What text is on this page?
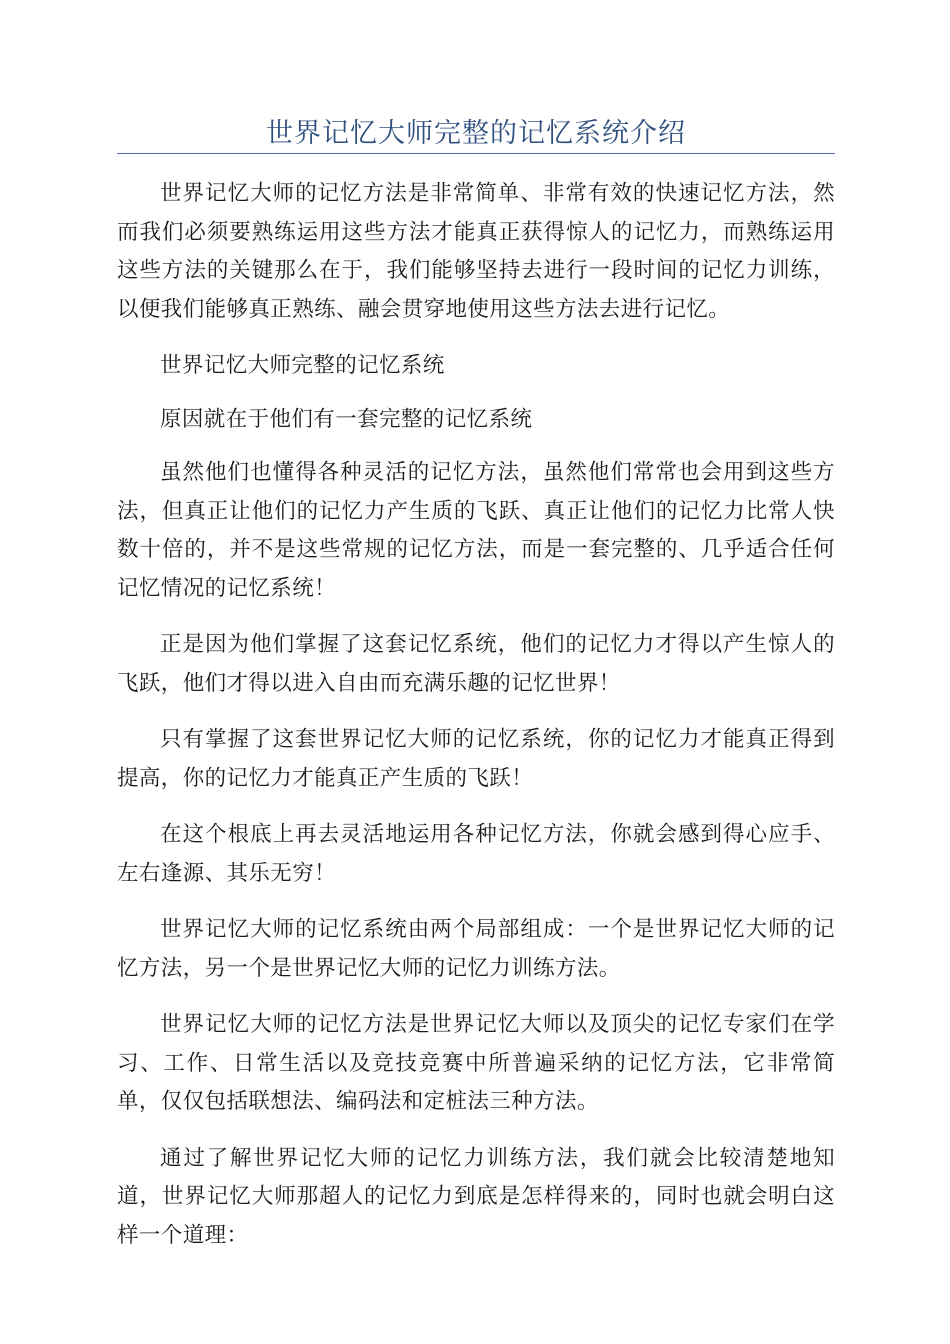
世界记忆大师完整的记忆系统介绍

世界记忆大师的记忆方法是非常简单、非常有效的快速记忆方法，然而我们必须要熟练运用这些方法才能真正获得惊人的记忆力，而熟练运用这些方法的关键那么在于，我们能够坚持去进行一段时间的记忆力训练，以便我们能够真正熟练、融会贯穿地使用这些方法去进行记忆。

世界记忆大师完整的记忆系统

原因就在于他们有一套完整的记忆系统

虽然他们也懂得各种灵活的记忆方法，虽然他们常常也会用到这些方法，但真正让他们的记忆力产生质的飞跃、真正让他们的记忆力比常人快数十倍的，并不是这些常规的记忆方法，而是一套完整的、几乎适合任何记忆情况的记忆系统！

正是因为他们掌握了这套记忆系统，他们的记忆力才得以产生惊人的飞跃，他们才得以进入自由而充满乐趣的记忆世界！

只有掌握了这套世界记忆大师的记忆系统，你的记忆力才能真正得到提高，你的记忆力才能真正产生质的飞跃！

在这个根底上再去灵活地运用各种记忆方法，你就会感到得心应手、左右逢源、其乐无穷！

世界记忆大师的记忆系统由两个局部组成：一个是世界记忆大师的记忆方法，另一个是世界记忆大师的记忆力训练方法。

世界记忆大师的记忆方法是世界记忆大师以及顶尖的记忆专家们在学习、工作、日常生活以及竞技竞赛中所普遍采纳的记忆方法，它非常简单，仅仅包括联想法、编码法和定桩法三种方法。

通过了解世界记忆大师的记忆力训练方法，我们就会比较清楚地知道，世界记忆大师那超人的记忆力到底是怎样得来的，同时也就会明白这样一个道理：
